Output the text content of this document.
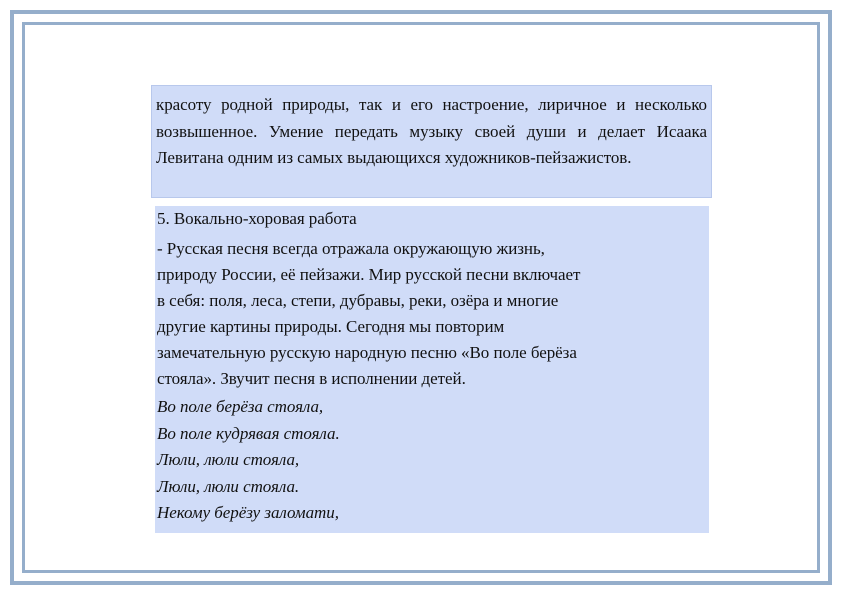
красоту родной природы, так и его настроение, лиричное и несколько возвышенное. Умение передать музыку своей души и делает Исаака Левитана одним из самых выдающихся художников-пейзажистов.

5. Вокально-хоровая работа
- Русская песня всегда отражала окружающую жизнь,
природу России, её пейзажи. Мир русской песни включает
в себя: поля, леса, степи, дубравы, реки, озёра и многие
другие картины природы. Сегодня мы повторим
замечательную русскую народную песню «Во поле берёза
стояла». Звучит песня в исполнении детей.
Во поле берёза стояла,
Во поле кудрявая стояла.
Люли, люли стояла,
Люли, люли стояла.
Некому берёзу заломати,
